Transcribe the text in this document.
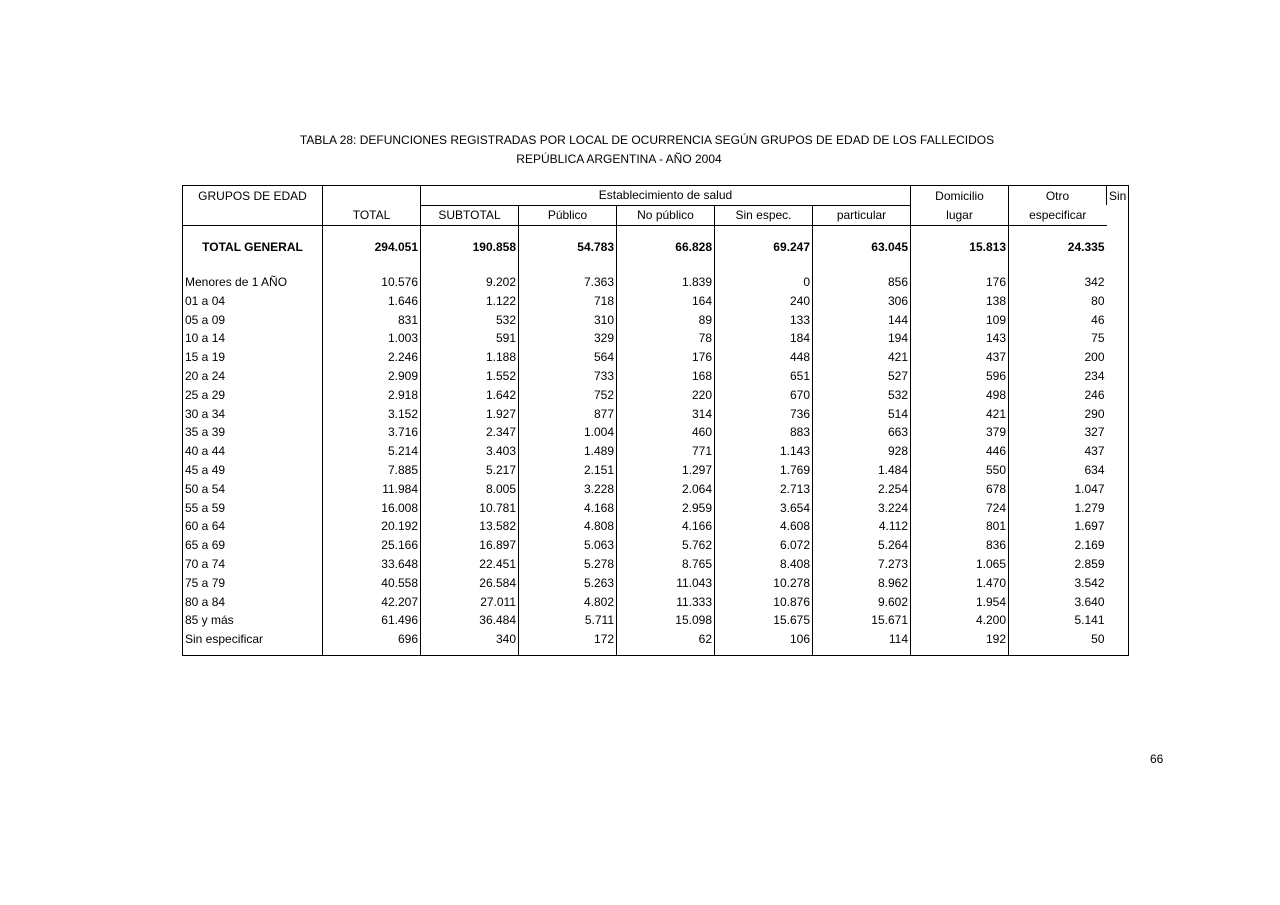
TABLA 28: DEFUNCIONES REGISTRADAS POR LOCAL DE OCURRENCIA SEGÚN GRUPOS DE EDAD DE LOS FALLECIDOS
REPÚBLICA ARGENTINA - AÑO 2004
GRUPOS DE EDAD		Establecimiento de salud					Domicilio	Otro	Sin
	TOTAL	SUBTOTAL	Público	No público	Sin espec.	particular	lugar	especificar	

TOTAL GENERAL	294.051	190.858	54.783	66.828	69.247	63.045	15.813	24.335	

Menores de 1 AÑO	10.576	9.202	7.363	1.839	0	856	176	342	
01 a 04	1.646	1.122	718	164	240	306	138	80	
05 a 09	831	532	310	89	133	144	109	46	
10 a 14	1.003	591	329	78	184	194	143	75	
15 a 19	2.246	1.188	564	176	448	421	437	200	
20 a 24	2.909	1.552	733	168	651	527	596	234	
25 a 29	2.918	1.642	752	220	670	532	498	246	
30 a 34	3.152	1.927	877	314	736	514	421	290	
35 a 39	3.716	2.347	1.004	460	883	663	379	327	
40 a 44	5.214	3.403	1.489	771	1.143	928	446	437	
45 a 49	7.885	5.217	2.151	1.297	1.769	1.484	550	634	
50 a 54	11.984	8.005	3.228	2.064	2.713	2.254	678	1.047	
55 a 59	16.008	10.781	4.168	2.959	3.654	3.224	724	1.279	
60 a 64	20.192	13.582	4.808	4.166	4.608	4.112	801	1.697	
65 a 69	25.166	16.897	5.063	5.762	6.072	5.264	836	2.169	
70 a 74	33.648	22.451	5.278	8.765	8.408	7.273	1.065	2.859	
75 a 79	40.558	26.584	5.263	11.043	10.278	8.962	1.470	3.542	
80 a 84	42.207	27.011	4.802	11.333	10.876	9.602	1.954	3.640	
85 y más	61.496	36.484	5.711	15.098	15.675	15.671	4.200	5.141	
Sin especificar	696	340	172	62	106	114	192	50	

66
